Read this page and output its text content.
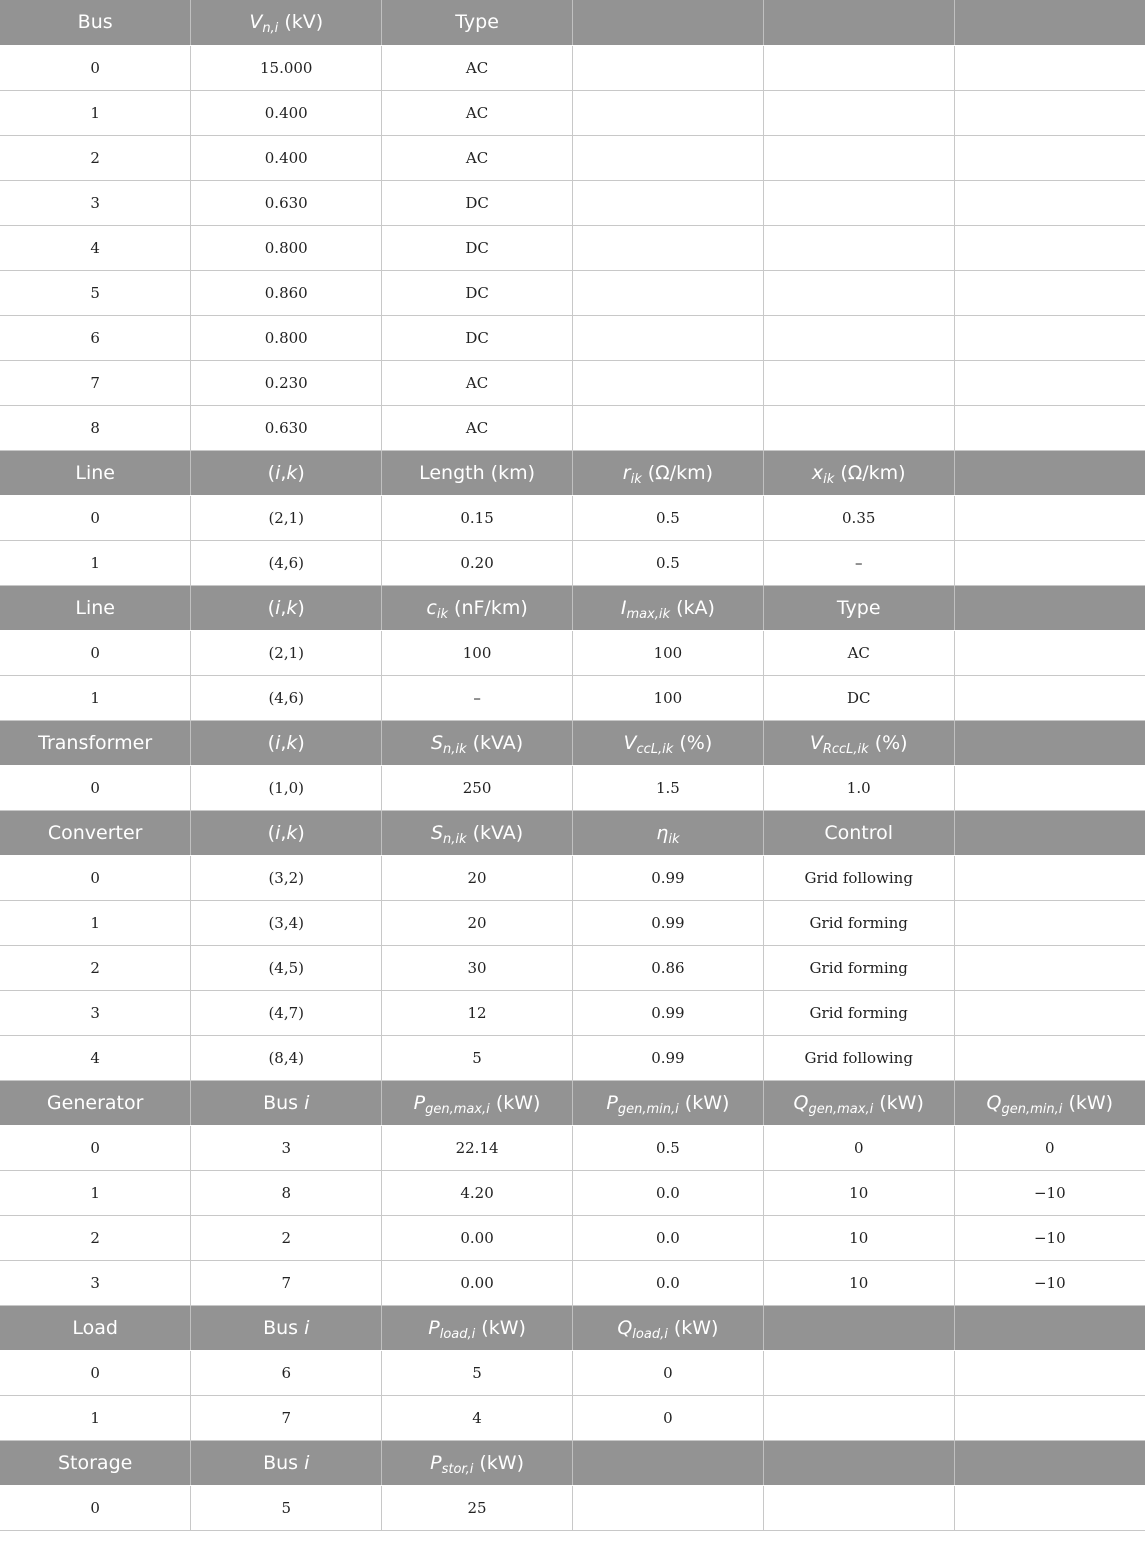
Bus	$V_{n,i}$ (kV)	Type			
0	15.000	AC			
1	0.400	AC			
2	0.400	AC			
3	0.630	DC			
4	0.800	DC			
5	0.860	DC			
6	0.800	DC			
7	0.230	AC			
8	0.630	AC			
Line	(i,k)	Length (km)	$r_{ik}$ (Ω/km)	$x_{ik}$ (Ω/km)	
0	(2,1)	0.15	0.5	0.35	
1	(4,6)	0.20	0.5	–	
Line	(i,k)	$c_{ik}$ (nF/km)	$I_{max,ik}$ (kA)	Type	
0	(2,1)	100	100	AC	
1	(4,6)	–	100	DC	
Transformer	(i,k)	$S_{n,ik}$ (kVA)	$V_{ccL,ik}$ (%)	$V_{RccL,ik}$ (%)	
0	(1,0)	250	1.5	1.0	
Converter	(i,k)	$S_{n,ik}$ (kVA)	$\eta_{ik}$	Control	
0	(3,2)	20	0.99	Grid following	
1	(3,4)	20	0.99	Grid forming	
2	(4,5)	30	0.86	Grid forming	
3	(4,7)	12	0.99	Grid forming	
4	(8,4)	5	0.99	Grid following	
Generator	Bus i	$P_{gen,max,i}$ (kW)	$P_{gen,min,i}$ (kW)	$Q_{gen,max,i}$ (kW)	$Q_{gen,min,i}$ (kW)
0	3	22.14	0.5	0	0
1	8	4.20	0.0	10	−10
2	2	0.00	0.0	10	−10
3	7	0.00	0.0	10	−10
Load	Bus i	$P_{load,i}$ (kW)	$Q_{load,i}$ (kW)		
0	6	5	0		
1	7	4	0		
Storage	Bus i	$P_{stor,i}$ (kW)			
0	5	25			
